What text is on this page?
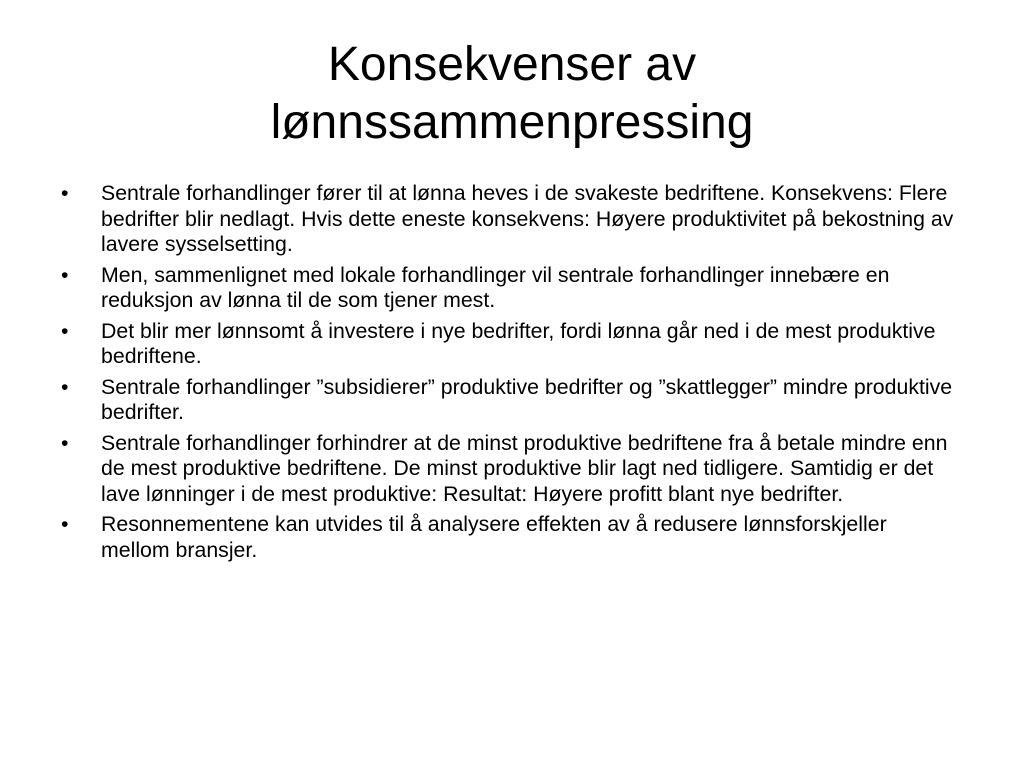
Konsekvenser av
lønnssammenpressing
•	Sentrale forhandlinger fører til at lønna heves i de svakeste bedriftene. Konsekvens: Flere bedrifter blir nedlagt. Hvis dette eneste konsekvens: Høyere produktivitet på bekostning av lavere sysselsetting.
•	Men, sammenlignet med lokale forhandlinger vil sentrale forhandlinger innebære en reduksjon av lønna til de som tjener mest.
•	Det blir mer lønnsomt å investere i nye bedrifter, fordi lønna går ned i de mest produktive bedriftene.
•	Sentrale forhandlinger ”subsidierer” produktive bedrifter og ”skattlegger” mindre produktive bedrifter.
•	Sentrale forhandlinger forhindrer at de minst produktive bedriftene fra å betale mindre enn de mest produktive bedriftene. De minst produktive blir lagt ned tidligere. Samtidig er det lave lønninger i de mest produktive: Resultat: Høyere profitt blant nye bedrifter.
•	Resonnementene kan utvides til å analysere effekten av å redusere lønnsforskjeller mellom bransjer.
